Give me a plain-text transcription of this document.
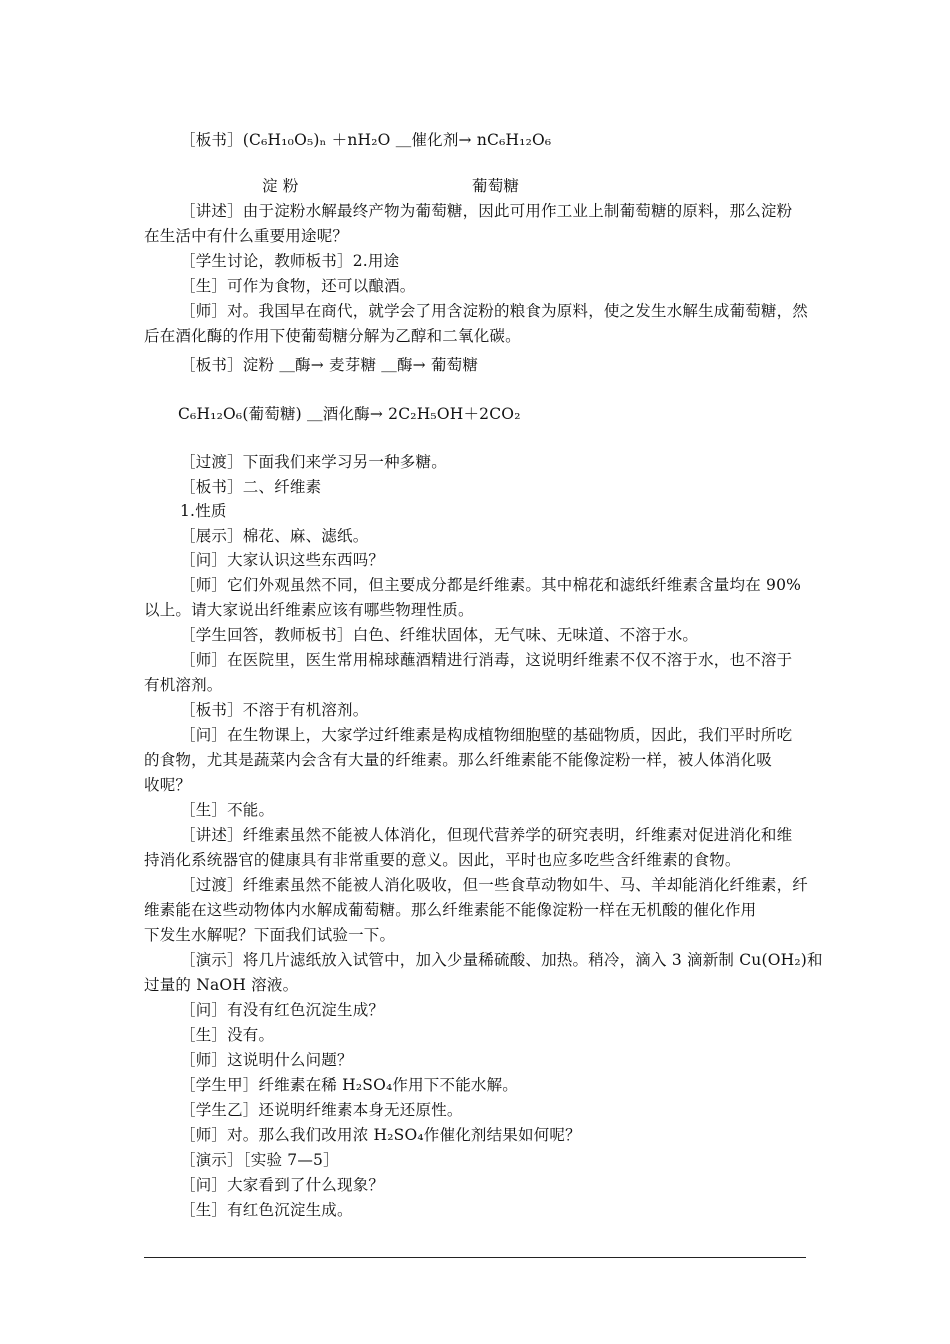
［板书］(C₆H₁₀O₅)ₙ ＋nH₂O ＿催化剂→ nC₆H₁₂O₆
淀 粉	葡萄糖
［讲述］由于淀粉水解最终产物为葡萄糖，因此可用作工业上制葡萄糖的原料，那么淀粉
在生活中有什么重要用途呢？
［学生讨论，教师板书］2.用途
［生］可作为食物，还可以酿酒。
［师］对。我国早在商代，就学会了用含淀粉的粮食为原料，使之发生水解生成葡萄糖，然
后在酒化酶的作用下使葡萄糖分解为乙醇和二氧化碳。
［板书］淀粉 ＿酶→ 麦芽糖 ＿酶→ 葡萄糖
C₆H₁₂O₆(葡萄糖) ＿酒化酶→ 2C₂H₅OH＋2CO₂
［过渡］下面我们来学习另一种多糖。
［板书］二、纤维素
1.性质
［展示］棉花、麻、滤纸。
［问］大家认识这些东西吗？
［师］它们外观虽然不同，但主要成分都是纤维素。其中棉花和滤纸纤维素含量均在 90%
以上。请大家说出纤维素应该有哪些物理性质。
［学生回答，教师板书］白色、纤维状固体，无气味、无味道、不溶于水。
［师］在医院里，医生常用棉球蘸酒精进行消毒，这说明纤维素不仅不溶于水，也不溶于
有机溶剂。
［板书］不溶于有机溶剂。
［问］在生物课上，大家学过纤维素是构成植物细胞壁的基础物质，因此，我们平时所吃
的食物，尤其是蔬菜内会含有大量的纤维素。那么纤维素能不能像淀粉一样，被人体消化吸
收呢？
［生］不能。
［讲述］纤维素虽然不能被人体消化，但现代营养学的研究表明，纤维素对促进消化和维
持消化系统器官的健康具有非常重要的意义。因此，平时也应多吃些含纤维素的食物。
［过渡］纤维素虽然不能被人消化吸收，但一些食草动物如牛、马、羊却能消化纤维素，纤
维素能在这些动物体内水解成葡萄糖。那么纤维素能不能像淀粉一样在无机酸的催化作用
下发生水解呢？下面我们试验一下。
［演示］将几片滤纸放入试管中，加入少量稀硫酸、加热。稍冷，滴入 3 滴新制 Cu(OH₂)和
过量的 NaOH 溶液。
［问］有没有红色沉淀生成？
［生］没有。
［师］这说明什么问题？
［学生甲］纤维素在稀 H₂SO₄作用下不能水解。
［学生乙］还说明纤维素本身无还原性。
［师］对。那么我们改用浓 H₂SO₄作催化剂结果如何呢？
［演示］［实验 7—5］
［问］大家看到了什么现象？
［生］有红色沉淀生成。
